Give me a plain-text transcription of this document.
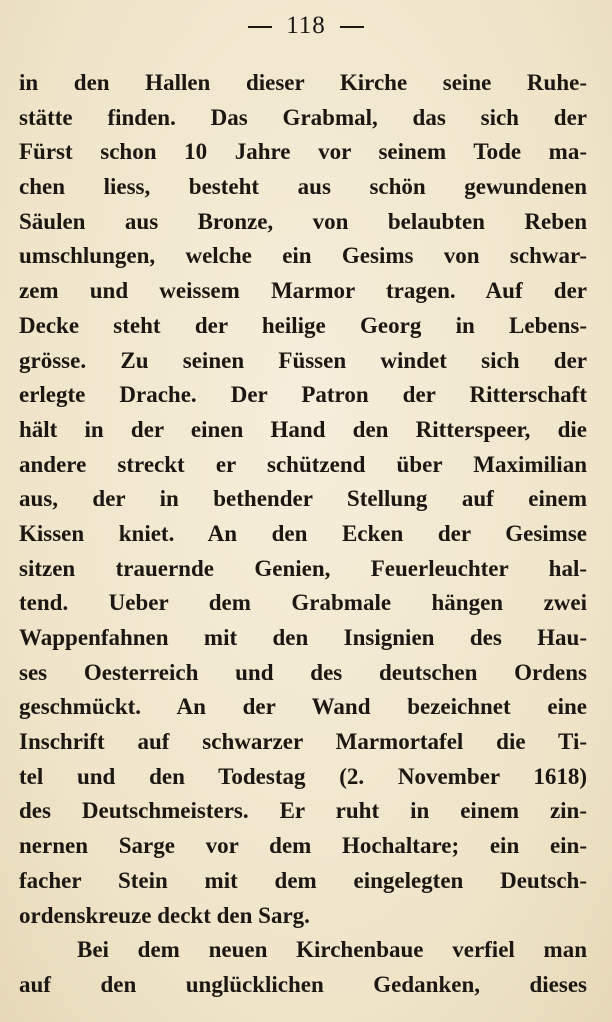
118
in den Hallen dieser Kirche seine Ruhe-
stätte finden. Das Grabmal, das sich der
Fürst schon 10 Jahre vor seinem Tode ma-
chen liess, besteht aus schön gewundenen
Säulen aus Bronze, von belaubten Reben
umschlungen, welche ein Gesims von schwar-
zem und weissem Marmor tragen. Auf der
Decke steht der heilige Georg in Lebens-
grösse. Zu seinen Füssen windet sich der
erlegte Drache. Der Patron der Ritterschaft
hält in der einen Hand den Ritterspeer, die
andere streckt er schützend über Maximilian
aus, der in bethender Stellung auf einem
Kissen kniet. An den Ecken der Gesimse
sitzen trauernde Genien, Feuerleuchter hal-
tend. Ueber dem Grabmale hängen zwei
Wappenfahnen mit den Insignien des Hau-
ses Oesterreich und des deutschen Ordens
geschmückt. An der Wand bezeichnet eine
Inschrift auf schwarzer Marmortafel die Ti-
tel und den Todestag (2. November 1618)
des Deutschmeisters. Er ruht in einem zin-
nernen Sarge vor dem Hochaltare; ein ein-
facher Stein mit dem eingelegten Deutsch-
ordenskreuze deckt den Sarg.
Bei dem neuen Kirchenbaue verfiel man
auf den unglücklichen Gedanken, dieses
